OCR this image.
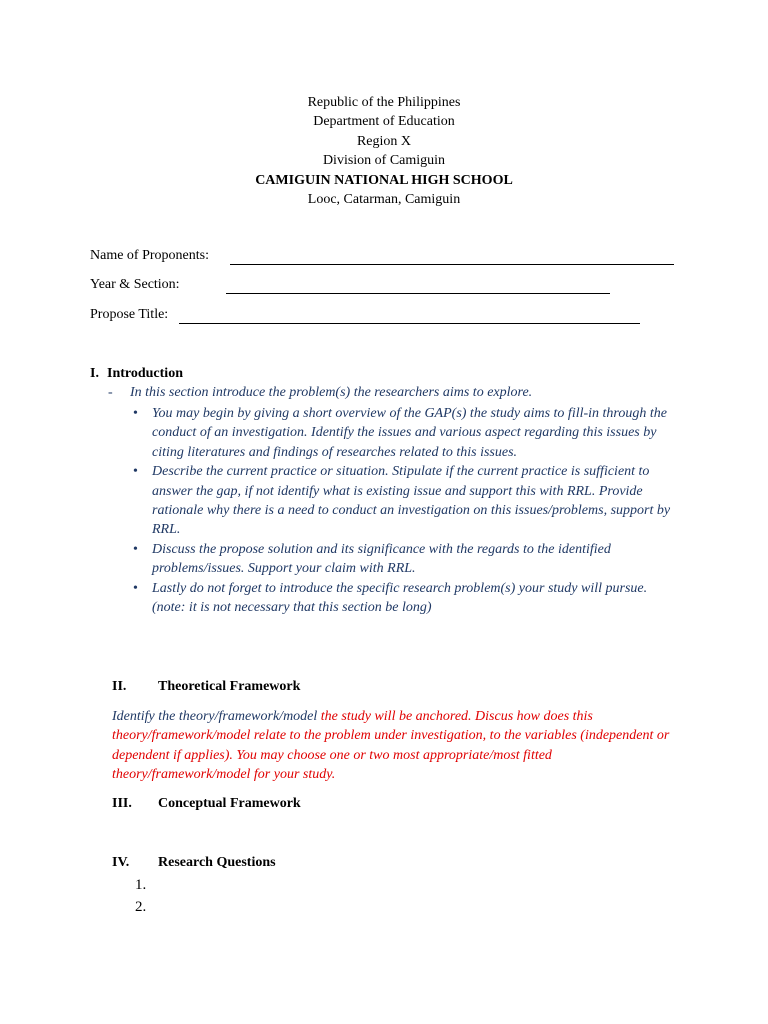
Republic of the Philippines
Department of Education
Region X
Division of Camiguin
CAMIGUIN NATIONAL HIGH SCHOOL
Looc, Catarman, Camiguin
Name of Proponents:
Year & Section:
Propose Title:
I. Introduction
- In this section introduce the problem(s) the researchers aims to explore.
• You may begin by giving a short overview of the GAP(s) the study aims to fill-in through the conduct of an investigation. Identify the issues and various aspect regarding this issues by citing literatures and findings of researches related to this issues.
• Describe the current practice or situation. Stipulate if the current practice is sufficient to answer the gap, if not identify what is existing issue and support this with RRL. Provide rationale why there is a need to conduct an investigation on this issues/problems, support by RRL.
• Discuss the propose solution and its significance with the regards to the identified problems/issues. Support your claim with RRL.
• Lastly do not forget to introduce the specific research problem(s) your study will pursue.
(note: it is not necessary that this section be long)
II. Theoretical Framework
Identify the theory/framework/model the study will be anchored. Discus how does this theory/framework/model relate to the problem under investigation, to the variables (independent or dependent if applies). You may choose one or two most appropriate/most fitted theory/framework/model for your study.
III. Conceptual Framework
IV. Research Questions
1.
2.
